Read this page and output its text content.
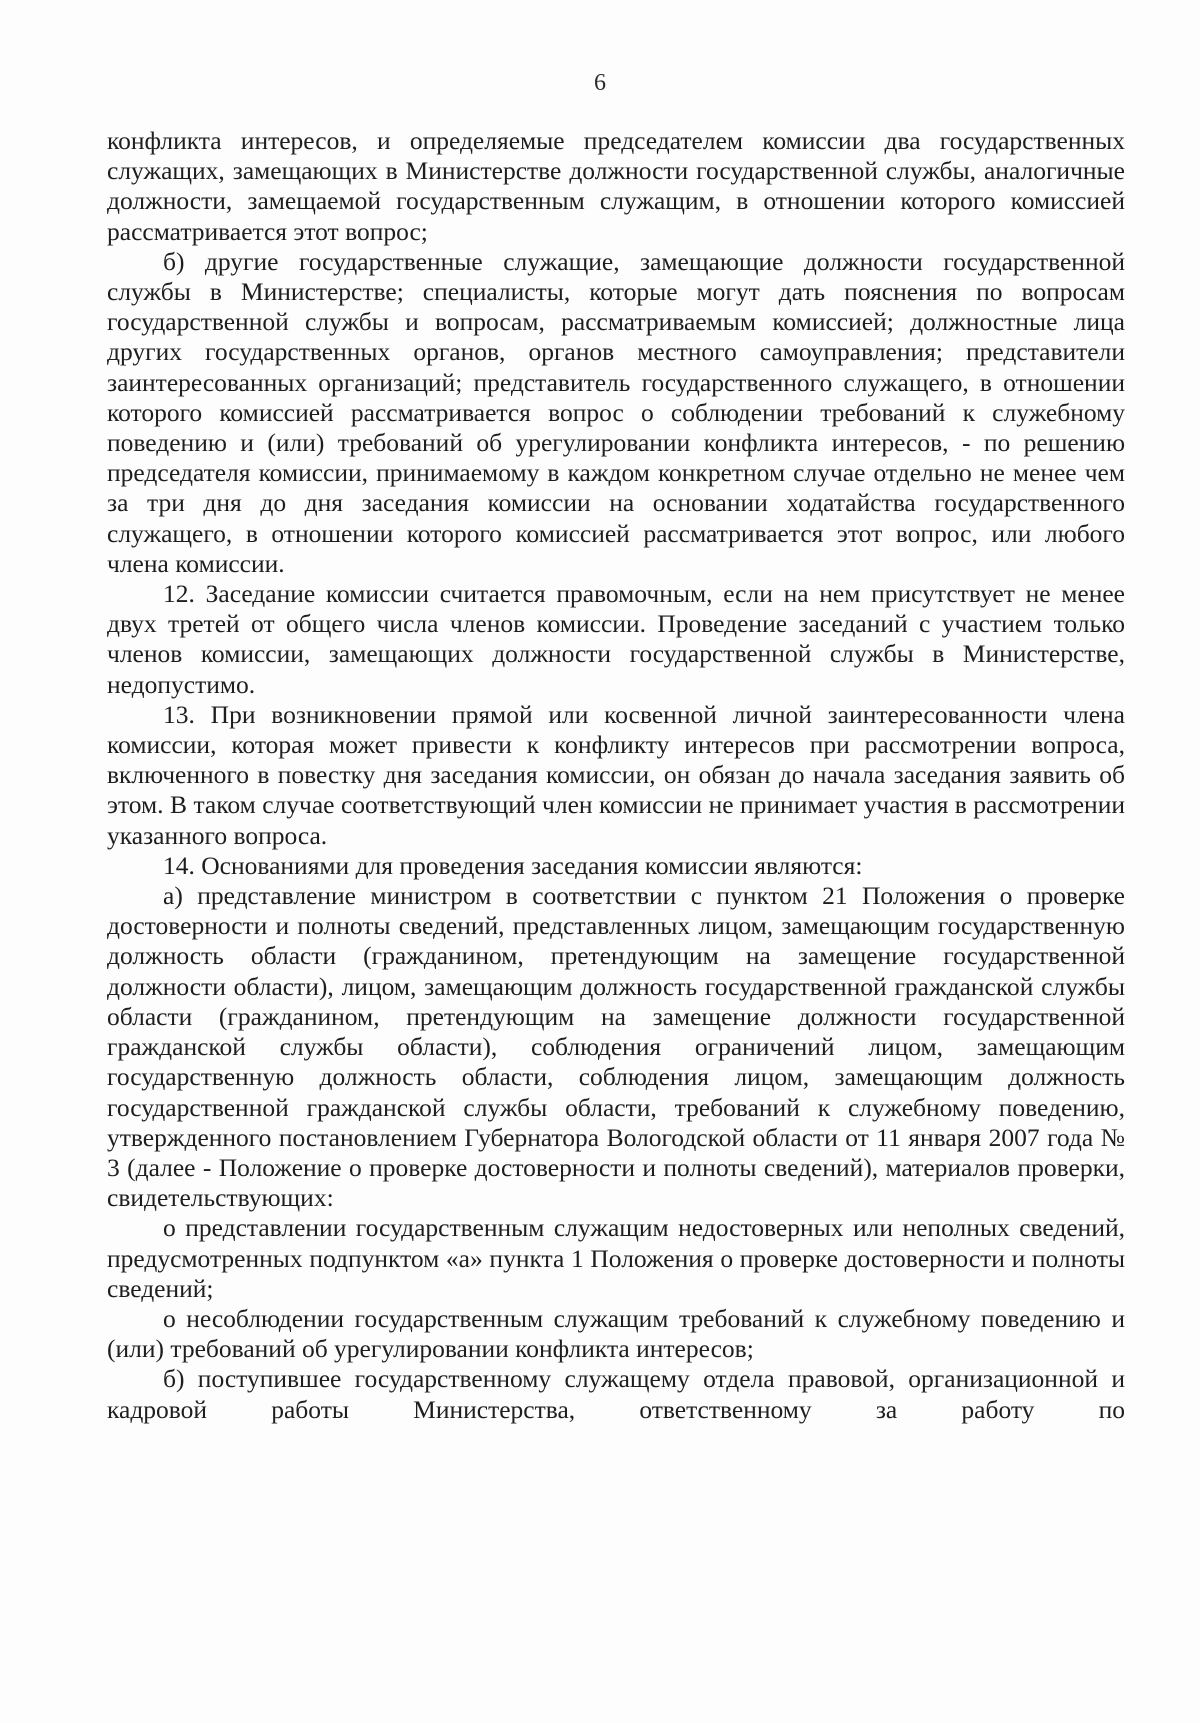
6

конфликта интересов, и определяемые председателем комиссии два государственных служащих, замещающих в Министерстве должности государственной службы, аналогичные должности, замещаемой государственным служащим, в отношении которого комиссией рассматривается этот вопрос;

б) другие государственные служащие, замещающие должности государственной службы в Министерстве; специалисты, которые могут дать пояснения по вопросам государственной службы и вопросам, рассматриваемым комиссией; должностные лица других государственных органов, органов местного самоуправления; представители заинтересованных организаций; представитель государственного служащего, в отношении которого комиссией рассматривается вопрос о соблюдении требований к служебному поведению и (или) требований об урегулировании конфликта интересов, - по решению председателя комиссии, принимаемому в каждом конкретном случае отдельно не менее чем за три дня до дня заседания комиссии на основании ходатайства государственного служащего, в отношении которого комиссией рассматривается этот вопрос, или любого члена комиссии.

12. Заседание комиссии считается правомочным, если на нем присутствует не менее двух третей от общего числа членов комиссии. Проведение заседаний с участием только членов комиссии, замещающих должности государственной службы в Министерстве, недопустимо.

13. При возникновении прямой или косвенной личной заинтересованности члена комиссии, которая может привести к конфликту интересов при рассмотрении вопроса, включенного в повестку дня заседания комиссии, он обязан до начала заседания заявить об этом. В таком случае соответствующий член комиссии не принимает участия в рассмотрении указанного вопроса.

14. Основаниями для проведения заседания комиссии являются:

а) представление министром в соответствии с пунктом 21 Положения о проверке достоверности и полноты сведений, представленных лицом, замещающим государственную должность области (гражданином, претендующим на замещение государственной должности области), лицом, замещающим должность государственной гражданской службы области (гражданином, претендующим на замещение должности государственной гражданской службы области), соблюдения ограничений лицом, замещающим государственную должность области, соблюдения лицом, замещающим должность государственной гражданской службы области, требований к служебному поведению, утвержденного постановлением Губернатора Вологодской области от 11 января 2007 года № 3 (далее - Положение о проверке достоверности и полноты сведений), материалов проверки, свидетельствующих:

о представлении государственным служащим недостоверных или неполных сведений, предусмотренных подпунктом «а» пункта 1 Положения о проверке достоверности и полноты сведений;

о несоблюдении государственным служащим требований к служебному поведению и (или) требований об урегулировании конфликта интересов;

б) поступившее государственному служащему отдела правовой, организационной и кадровой работы Министерства, ответственному за работу по
